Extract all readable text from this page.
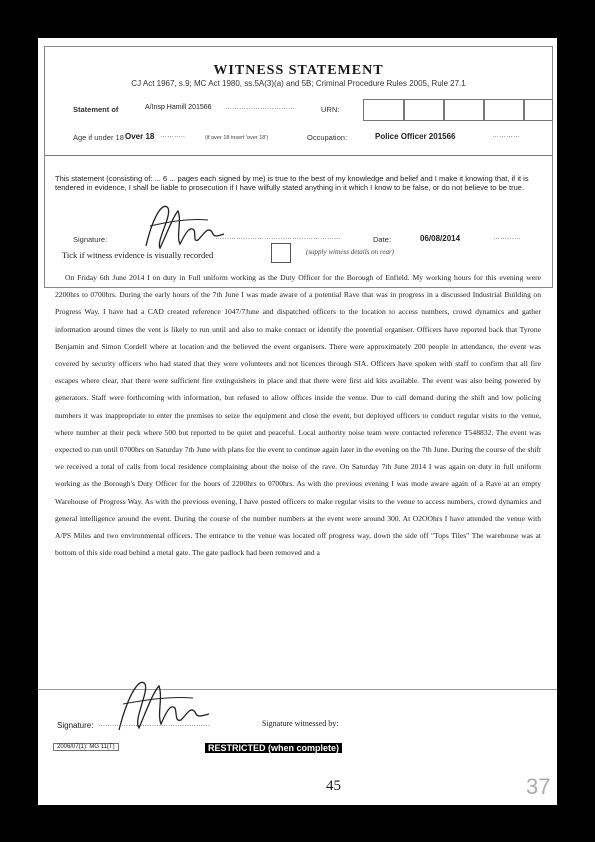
WITNESS STATEMENT
CJ Act 1967, s.9; MC Act 1980, ss.5A(3)(a) and 5B; Criminal Procedure Rules 2005, Rule 27.1
Statement of	A/Insp Hamill 201566 …………………………	URN:
Age if under 18 Over 18 ………..	(if over 18 insert 'over 18')	Occupation:	Police Officer 201566	…………
This statement (consisting of: ... 6 ... pages each signed by me) is true to the best of my knowledge and belief and I make it knowing that, if it is tendered in evidence, I shall be liable to prosecution if I have wilfully stated anything in it which I know to be false, or do not believe to be true.
Signature:	………………………………………………	Date:	06/08/2014	…………
Tick if witness evidence is visually recorded	(supply witness details on rear)

On Friday 6th June 2014 I on duty in Full uniform working as the Duty Officer for the Borough of Enfield. My working hours for this evening were 2200hrs to 0700hrs. During the early hours of the 7th June I was made aware of a potential Rave that was in progress in a discussed Industrial Building on Progress Way. I have had a CAD created reference 1047/7June and dispatched officers to the location to access numbers, crowd dynamics and gather information around times the vent is likely to run until and also to make contact or identify the potential organiser. Officers have reported back that Tyrone Benjamin and Simon Cordell where at location and the believed the event organisers. There were approximately 200 people in attendance, the event was covered by security officers who had stated that they were volunteers and not licences through SIA. Officers have spoken with staff to confirm that all fire escapes where clear, that there were sufficient fire extinguishers in place and that there were first aid kits available. The event was also being powered by generators. Staff were forthcoming with information, but refused to allow offices inside the venue. Due to call demand during the shift and low policing numbers it was inappropriate to enter the premises to seize the equipment and close the event, but deployed officers to conduct regular visits to the venue, where number at their peck where 500 but reported to be quiet and peaceful. Local authority noise team were contacted reference T548832. The event was expected to run until 0700hrs on Saturday 7th June with plans for the event to continue again later in the evening on the 7th June. During the course of the shift we received a total of calls from local residence complaining about the noise of the rave. On Saturday 7th June 2014 I was again on duty in full uniform working as the Borough's Duty Officer for the hours of 2200hrs to 0700hrs. As with the previous evening I was mode aware again of a Rave at an empty Warehouse of Progress Way. As with the previous evening, I have posted officers to make regular visits to the venue to access numbers, crowd dynamics and general intelligence around the event. During the course of the number numbers at the event were around 300. At O2OOhrs I have attended the venue with A/PS Miles and two environmental officers. The entrance to the venue was located off progress way, down the side off "Tops Tiles" The warehouse was at bottom of this side road behind a metal gate. The gate padlock had been removed and a

Signature: …………………………………………	Signature witnessed by:
2006/07(1): MG 11(T)	RESTRICTED (when complete)
45	37
